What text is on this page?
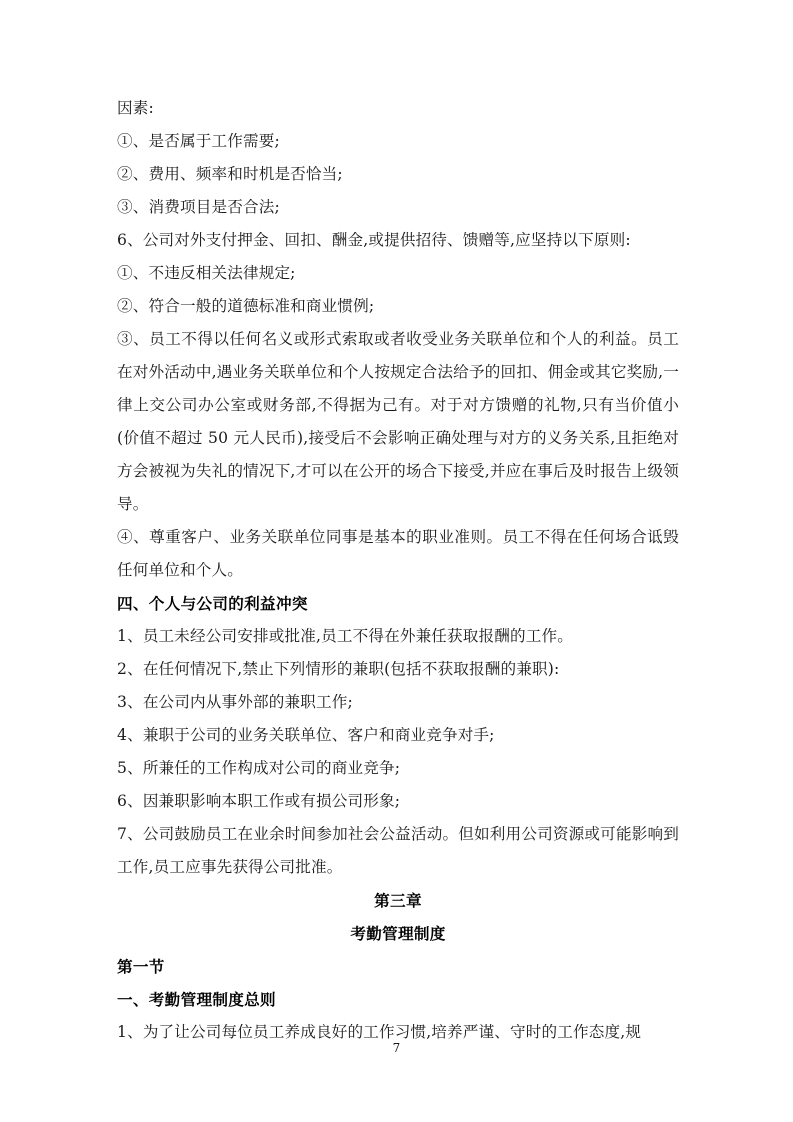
因素:
①、是否属于工作需要;
②、费用、频率和时机是否恰当;
③、消费项目是否合法;
6、公司对外支付押金、回扣、酬金,或提供招待、馈赠等,应坚持以下原则:
①、不违反相关法律规定;
②、符合一般的道德标准和商业惯例;
③、员工不得以任何名义或形式索取或者收受业务关联单位和个人的利益。员工在对外活动中,遇业务关联单位和个人按规定合法给予的回扣、佣金或其它奖励,一律上交公司办公室或财务部,不得据为己有。对于对方馈赠的礼物,只有当价值小(价值不超过 50 元人民币),接受后不会影响正确处理与对方的义务关系,且拒绝对方会被视为失礼的情况下,才可以在公开的场合下接受,并应在事后及时报告上级领导。
④、尊重客户、业务关联单位同事是基本的职业准则。员工不得在任何场合诋毁任何单位和个人。
四、个人与公司的利益冲突
1、员工未经公司安排或批准,员工不得在外兼任获取报酬的工作。
2、在任何情况下,禁止下列情形的兼职(包括不获取报酬的兼职):
3、在公司内从事外部的兼职工作;
4、兼职于公司的业务关联单位、客户和商业竞争对手;
5、所兼任的工作构成对公司的商业竞争;
6、因兼职影响本职工作或有损公司形象;
7、公司鼓励员工在业余时间参加社会公益活动。但如利用公司资源或可能影响到工作,员工应事先获得公司批准。
第三章
考勤管理制度
第一节
一、考勤管理制度总则
1、为了让公司每位员工养成良好的工作习惯,培养严谨、守时的工作态度,规
7
